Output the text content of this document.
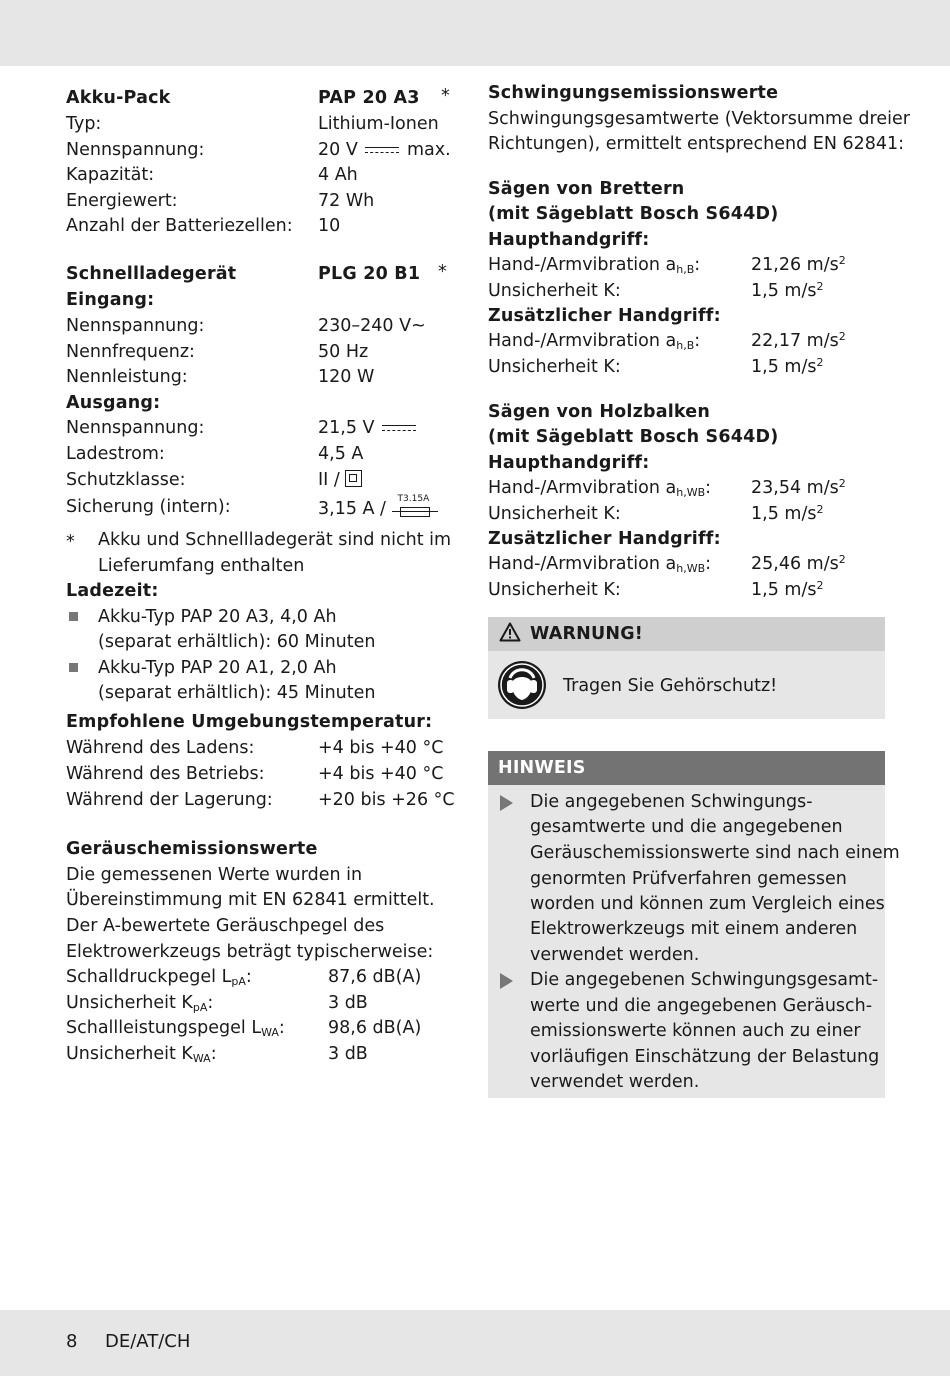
Akku-Pack	PAP 20 A3 *
Typ:	Lithium-Ionen
Nennspannung:	20 V	max.
Kapazität:	4 Ah
Energiewert:	72 Wh
Anzahl der Batteriezellen: 10
Schnellladegerät	PLG 20 B1 *
Eingang:
Nennspannung:	230–240 V~
Nennfrequenz:	50 Hz
Nennleistung:	120 W
Ausgang:
Nennspannung:	21,5 V
Ladestrom:	4,5 A
Schutzklasse:	II /
Sicherung (intern):	3,15 A / T3.15A
* Akku und Schnellladegerät sind nicht im
Lieferumfang enthalten
Ladezeit:
Akku-Typ PAP 20 A3, 4,0 Ah
(separat erhältlich): 60 Minuten
Akku-Typ PAP 20 A1, 2,0 Ah
(separat erhältlich): 45 Minuten
Empfohlene Umgebungstemperatur:
Während des Ladens:	+4 bis +40 °C
Während des Betriebs:	+4 bis +40 °C
Während der Lagerung:	+20 bis +26 °C
Geräuschemissionswerte
Die gemessenen Werte wurden in
Übereinstimmung mit EN 62841 ermittelt.
Der A-bewertete Geräuschpegel des
Elektrowerkzeugs beträgt typischerweise:
Schalldruckpegel $L_{pA}$:	87,6 dB(A)
Unsicherheit $K_{pA}$:	3 dB
Schallleistungspegel $L_{WA}$: 98,6 dB(A)
Unsicherheit $K_{WA}$:	3 dB
Schwingungsemissionswerte
Schwingungsgesamtwerte (Vektorsumme dreier
Richtungen), ermittelt entsprechend EN 62841:
Sägen von Brettern
(mit Sägeblatt Bosch S644D)
Haupthandgriff:
Hand-/Armvibration $a_{h,B}$:	21,26 $m/s^2$
Unsicherheit K:	1,5 $m/s^2$
Zusätzlicher Handgriff:
Hand-/Armvibration $a_{h,B}$:	22,17 $m/s^2$
Unsicherheit K:	1,5 $m/s^2$
Sägen von Holzbalken
(mit Sägeblatt Bosch S644D)
Haupthandgriff:
Hand-/Armvibration $a_{h,WB}$: 23,54 $m/s^2$
Unsicherheit K:	1,5 $m/s^2$
Zusätzlicher Handgriff:
Hand-/Armvibration $a_{h,WB}$: 25,46 $m/s^2$
Unsicherheit K:	1,5 $m/s^2$
WARNUNG!
Tragen Sie Gehörschutz!
HINWEIS
Die angegebenen Schwingungs-
gesamtwerte und die angegebenen
Geräuschemissionswerte sind nach einem
genormten Prüfverfahren gemessen
worden und können zum Vergleich eines
Elektrowerkzeugs mit einem anderen
verwendet werden.
Die angegebenen Schwingungsgesamt-
werte und die angegebenen Geräusch-
emissionswerte können auch zu einer
vorläufigen Einschätzung der Belastung
verwendet werden.
8 DE/AT/CH
